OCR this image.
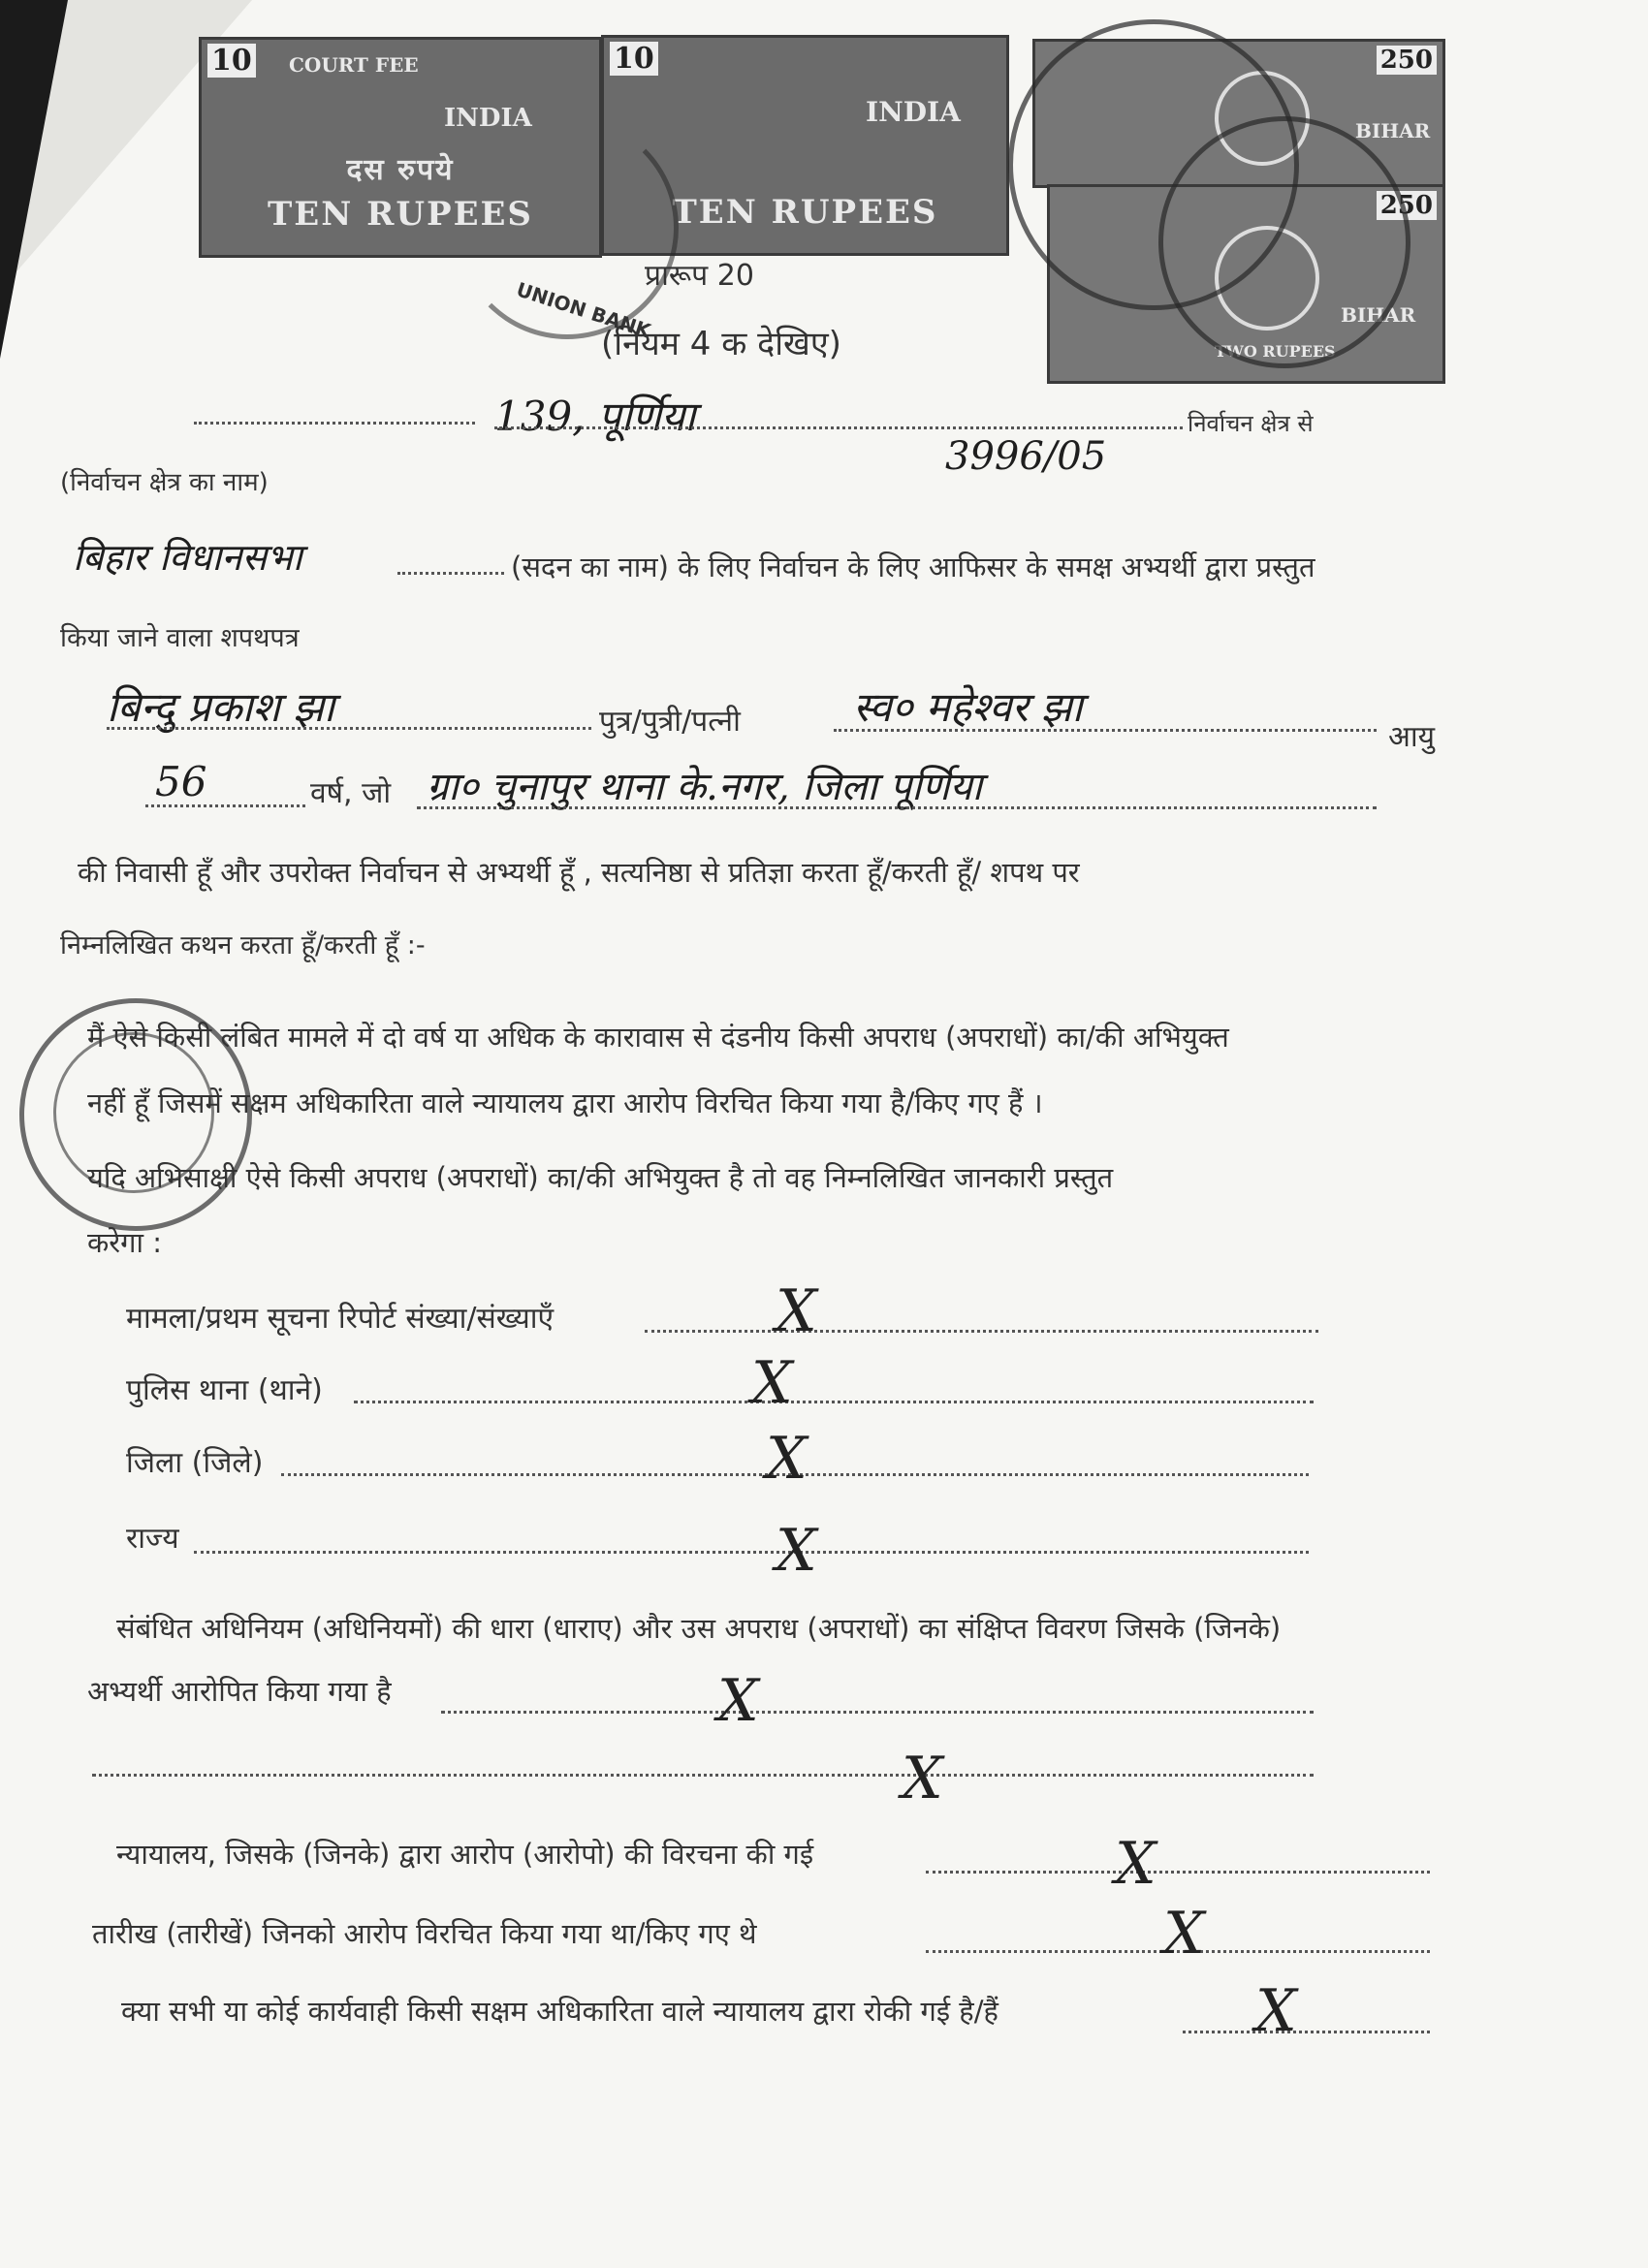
10 COURT FEE
INDIA
दस रुपये
TEN RUPEES
10
INDIA
TEN RUPEES
250
BIHAR
250
BIHAR
TWO RUPEES
UNION BANK
प्रारूप 20
(नियम 4 क देखिए)
139, पूर्णिया	निर्वाचन क्षेत्र से
(निर्वाचन क्षेत्र का नाम)
3996/05
बिहार विधानसभा	(सदन का नाम) के लिए निर्वाचन के लिए आफिसर के समक्ष अभ्यर्थी द्वारा प्रस्तुत
किया जाने वाला शपथपत्र
बिन्दु प्रकाश झा	पुत्र/पुत्री/पत्नी	स्व० महेश्वर झा
आयु
56	वर्ष, जो ग्रा० चुनापुर थाना के.नगर, जिला पूर्णिया
की निवासी हूँ और उपरोक्त निर्वाचन से अभ्यर्थी हूँ , सत्यनिष्ठा से प्रतिज्ञा करता हूँ/करती हूँ/ शपथ पर
निम्नलिखित कथन करता हूँ/करती हूँ :-
मैं ऐसे किसी लंबित मामले में दो वर्ष या अधिक के कारावास से दंडनीय किसी अपराध (अपराधों) का/की अभियुक्त
नहीं हूँ जिसमें सक्षम अधिकारिता वाले न्यायालय द्वारा आरोप विरचित किया गया है/किए गए हैं ।
यदि अभिसाक्षी ऐसे किसी अपराध (अपराधों) का/की अभियुक्त है तो वह निम्नलिखित जानकारी प्रस्तुत
करेगा :
मामला/प्रथम सूचना रिपोर्ट संख्या/संख्याएँ	X
पुलिस थाना (थाने)	X
जिला (जिले)	X
राज्य	X
संबंधित अधिनियम (अधिनियमों) की धारा (धाराए) और उस अपराध (अपराधों) का संक्षिप्त विवरण जिसके (जिनके)
अभ्यर्थी आरोपित किया गया है	X
X
न्यायालय, जिसके (जिनके) द्वारा आरोप (आरोपो) की विरचना की गई	X
तारीख (तारीखें) जिनको आरोप विरचित किया गया था/किए गए थे	X
क्या सभी या कोई कार्यवाही किसी सक्षम अधिकारिता वाले न्यायालय द्वारा रोकी गई है/हैं	X
